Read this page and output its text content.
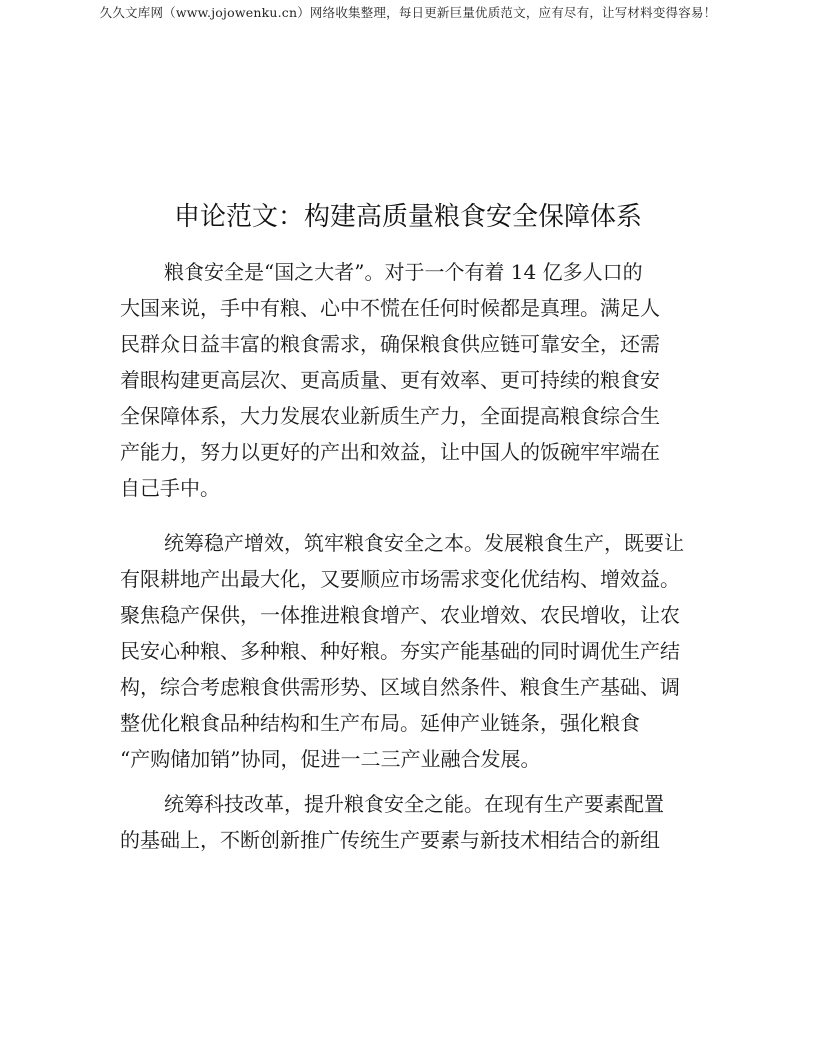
久久文库网（www.jojowenku.cn）网络收集整理，每日更新巨量优质范文，应有尽有，让写材料变得容易！
申论范文：构建高质量粮食安全保障体系
粮食安全是“国之大者”。对于一个有着 14 亿多人口的
大国来说，手中有粮、心中不慌在任何时候都是真理。满足人
民群众日益丰富的粮食需求，确保粮食供应链可靠安全，还需
着眼构建更高层次、更高质量、更有效率、更可持续的粮食安
全保障体系，大力发展农业新质生产力，全面提高粮食综合生
产能力，努力以更好的产出和效益，让中国人的饭碗牢牢端在
自己手中。
统筹稳产增效，筑牢粮食安全之本。发展粮食生产，既要让
有限耕地产出最大化，又要顺应市场需求变化优结构、增效益。
聚焦稳产保供，一体推进粮食增产、农业增效、农民增收，让农
民安心种粮、多种粮、种好粮。夯实产能基础的同时调优生产结
构，综合考虑粮食供需形势、区域自然条件、粮食生产基础、调
整优化粮食品种结构和生产布局。延伸产业链条，强化粮食
“产购储加销”协同，促进一二三产业融合发展。
统筹科技改革，提升粮食安全之能。在现有生产要素配置
的基础上，不断创新推广传统生产要素与新技术相结合的新组
